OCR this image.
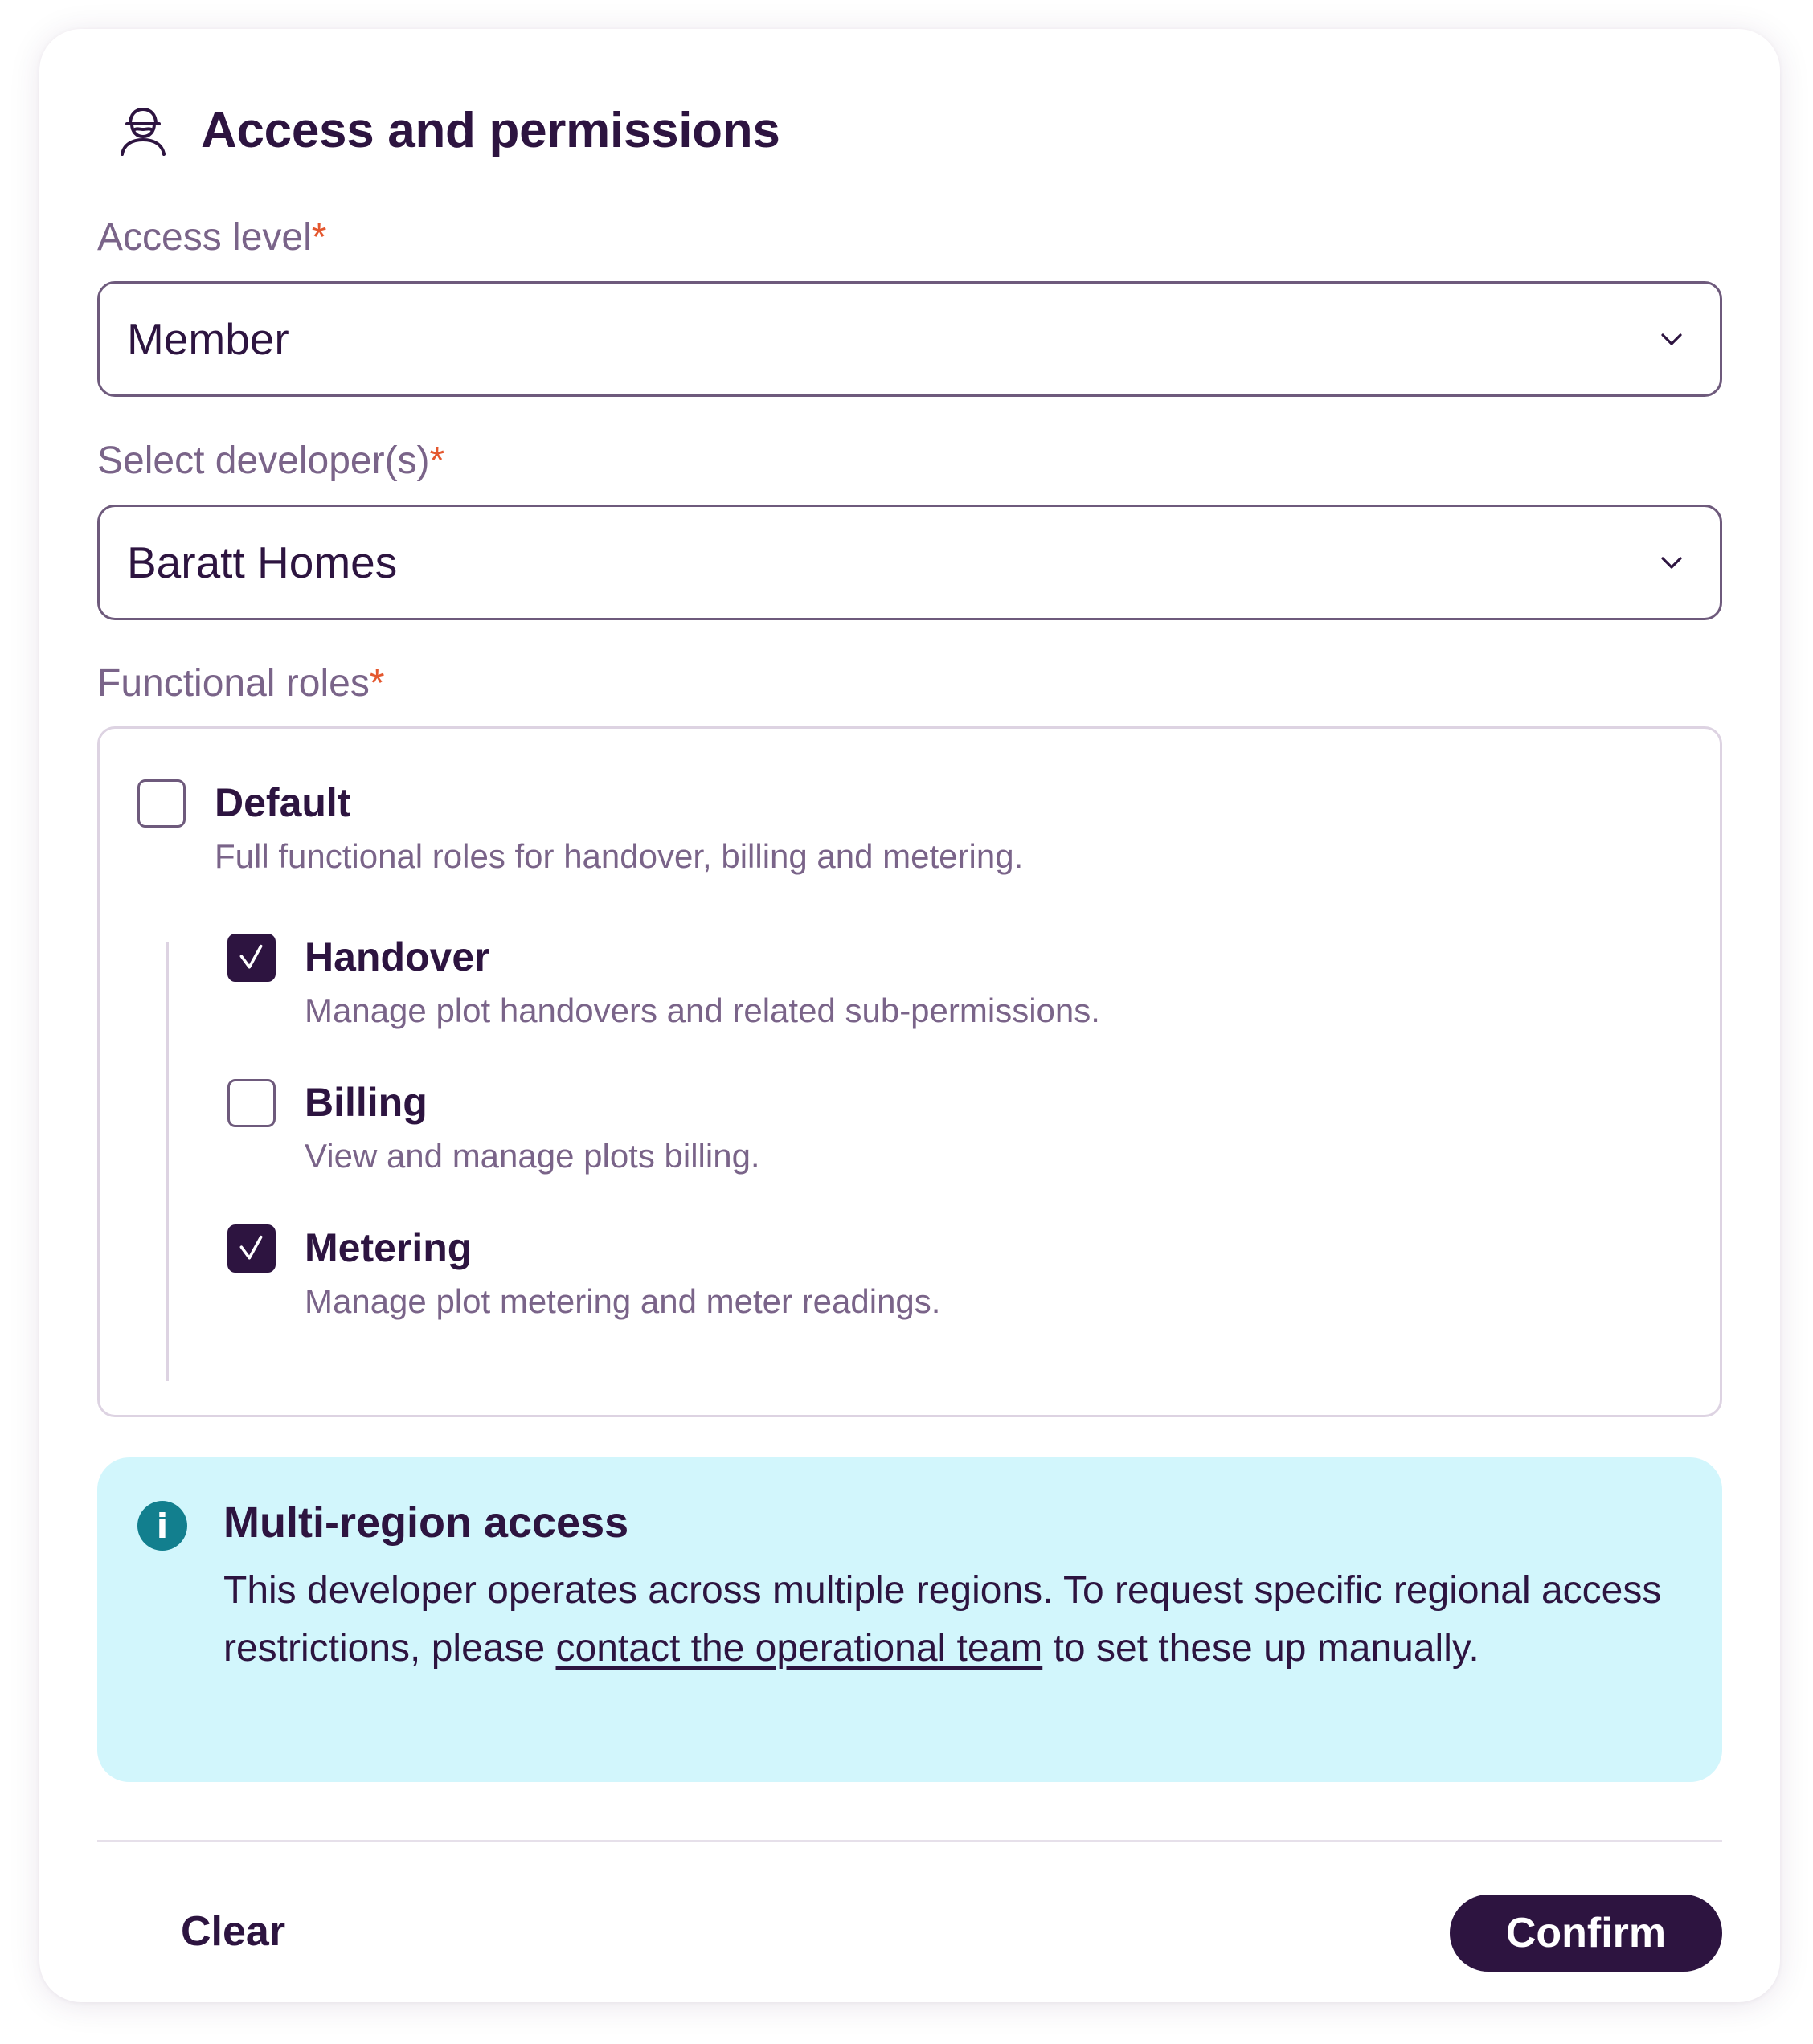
Access and permissions
Access level*
Member
Select developer(s)*
Baratt Homes
Functional roles*
Default
Full functional roles for handover, billing and metering.
Handover
Manage plot handovers and related sub-permissions.
Billing
View and manage plots billing.
Metering
Manage plot metering and meter readings.
i	Multi-region access

This developer operates across multiple regions. To request specific regional access restrictions, please contact the operational team to set these up manually.

Clear	Confirm
